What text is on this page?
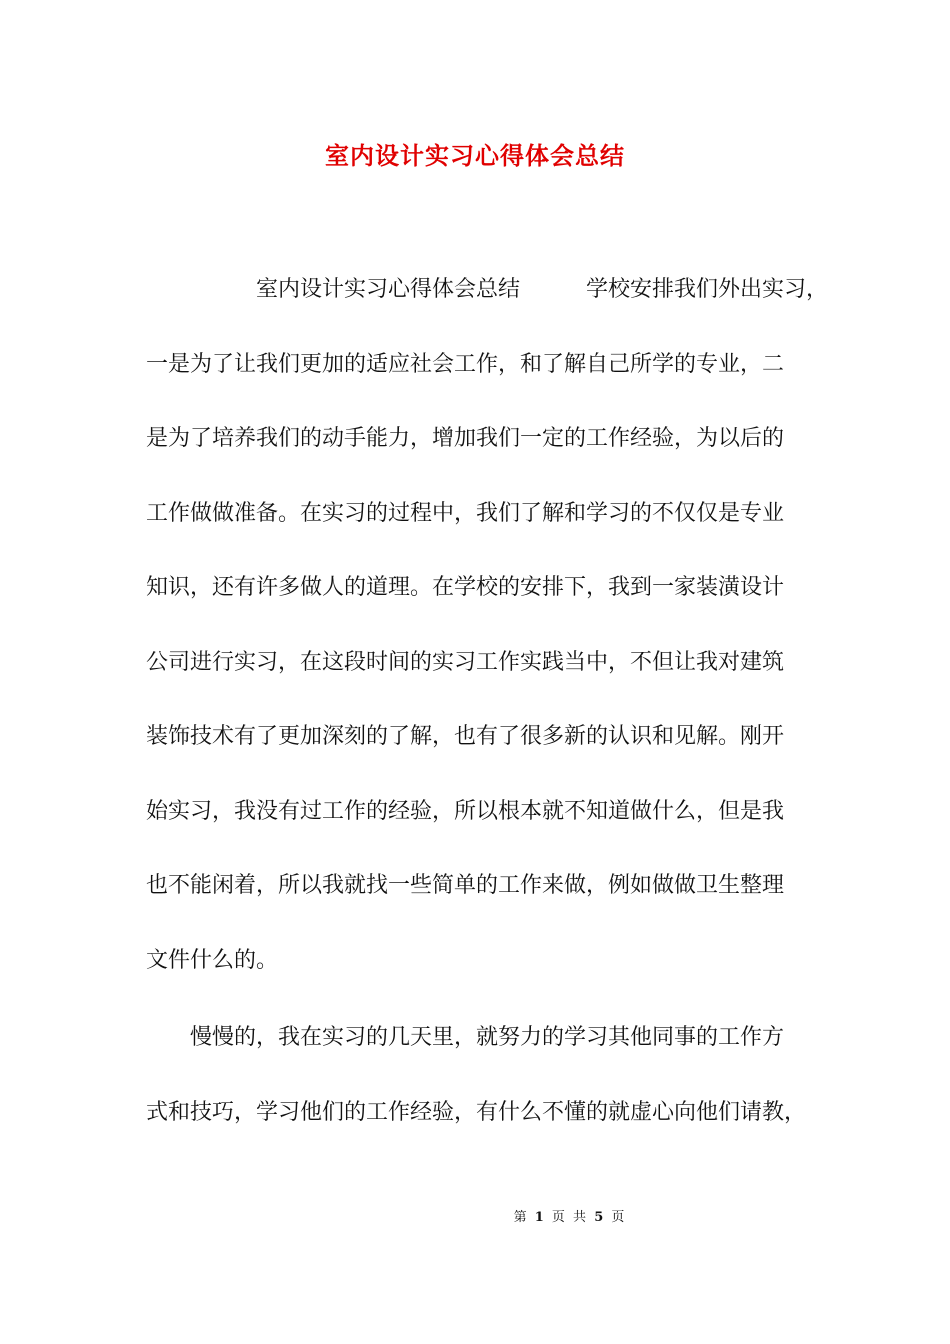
室内设计实习心得体会总结
　　　　　室内设计实习心得体会总结　　　学校安排我们外出实习，
一是为了让我们更加的适应社会工作，和了解自己所学的专业，二
是为了培养我们的动手能力，增加我们一定的工作经验，为以后的
工作做做准备。在实习的过程中，我们了解和学习的不仅仅是专业
知识，还有许多做人的道理。在学校的安排下，我到一家装潢设计
公司进行实习，在这段时间的实习工作实践当中，不但让我对建筑
装饰技术有了更加深刻的了解，也有了很多新的认识和见解。刚开
始实习，我没有过工作的经验，所以根本就不知道做什么，但是我
也不能闲着，所以我就找一些简单的工作来做，例如做做卫生整理
文件什么的。
　　慢慢的，我在实习的几天里，就努力的学习其他同事的工作方
式和技巧，学习他们的工作经验，有什么不懂的就虚心向他们请教，
第 1 页 共 5 页
